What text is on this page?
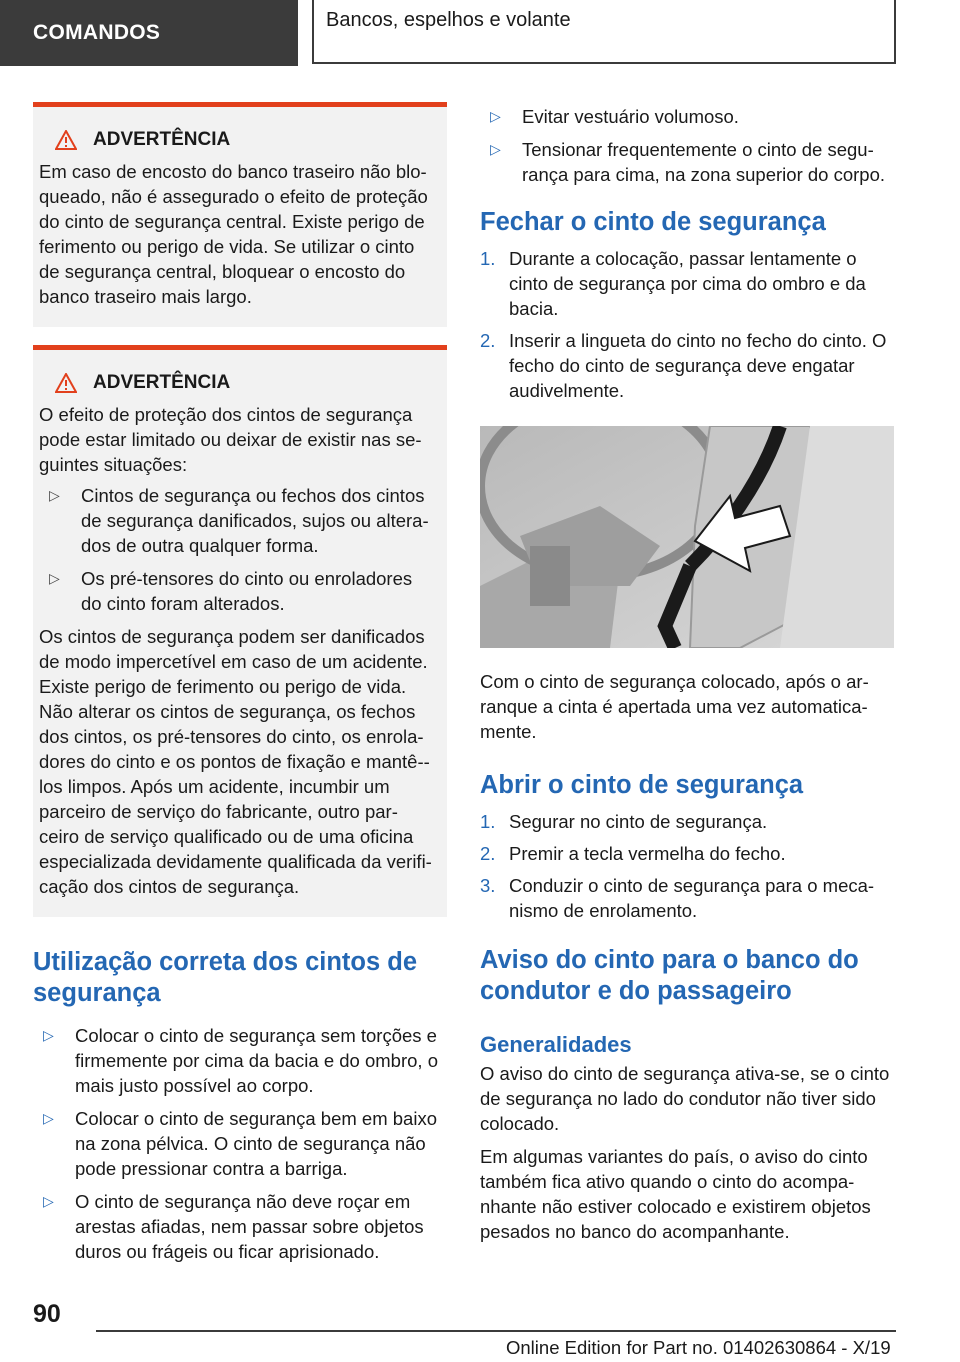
COMANDOS
Bancos, espelhos e volante
ADVERTÊNCIA

Em caso de encosto do banco traseiro não blo-queado, não é assegurado o efeito de proteção do cinto de segurança central. Existe perigo de ferimento ou perigo de vida. Se utilizar o cinto de segurança central, bloquear o encosto do banco traseiro mais largo.

ADVERTÊNCIA

O efeito de proteção dos cintos de segurança pode estar limitado ou deixar de existir nas se-guintes situações:

▷ Cintos de segurança ou fechos dos cintos de segurança danificados, sujos ou altera-dos de outra qualquer forma.
▷ Os pré-tensores do cinto ou enroladores do cinto foram alterados.

Os cintos de segurança podem ser danificados de modo impercetível em caso de um acidente. Existe perigo de ferimento ou perigo de vida. Não alterar os cintos de segurança, os fechos dos cintos, os pré-tensores do cinto, os enrola-dores do cinto e os pontos de fixação e mantê--los limpos. Após um acidente, incumbir um parceiro de serviço do fabricante, outro par-ceiro de serviço qualificado ou de uma oficina especializada devidamente qualificada da verifi-cação dos cintos de segurança.

Utilização correta dos cintos de segurança
▷ Colocar o cinto de segurança sem torções e firmemente por cima da bacia e do ombro, o mais justo possível ao corpo.
▷ Colocar o cinto de segurança bem em baixo na zona pélvica. O cinto de segurança não pode pressionar contra a barriga.
▷ O cinto de segurança não deve roçar em arestas afiadas, nem passar sobre objetos duros ou frágeis ou ficar aprisionado.
▷ Evitar vestuário volumoso.
▷ Tensionar frequentemente o cinto de segu-rança para cima, na zona superior do corpo.
Fechar o cinto de segurança
1. Durante a colocação, passar lentamente o cinto de segurança por cima do ombro e da bacia.
2. Inserir a lingueta do cinto no fecho do cinto. O fecho do cinto de segurança deve engatar audivelmente.

Com o cinto de segurança colocado, após o ar-ranque a cinta é apertada uma vez automatica-mente.

Abrir o cinto de segurança
1. Segurar no cinto de segurança.
2. Premir a tecla vermelha do fecho.
3. Conduzir o cinto de segurança para o meca-nismo de enrolamento.
Aviso do cinto para o banco do condutor e do passageiro
Generalidades

O aviso do cinto de segurança ativa-se, se o cinto de segurança no lado do condutor não tiver sido colocado.

Em algumas variantes do país, o aviso do cinto também fica ativo quando o cinto do acompa-nhante não estiver colocado e existirem objetos pesados no banco do acompanhante.

90
Online Edition for Part no. 01402630864 - X/19
